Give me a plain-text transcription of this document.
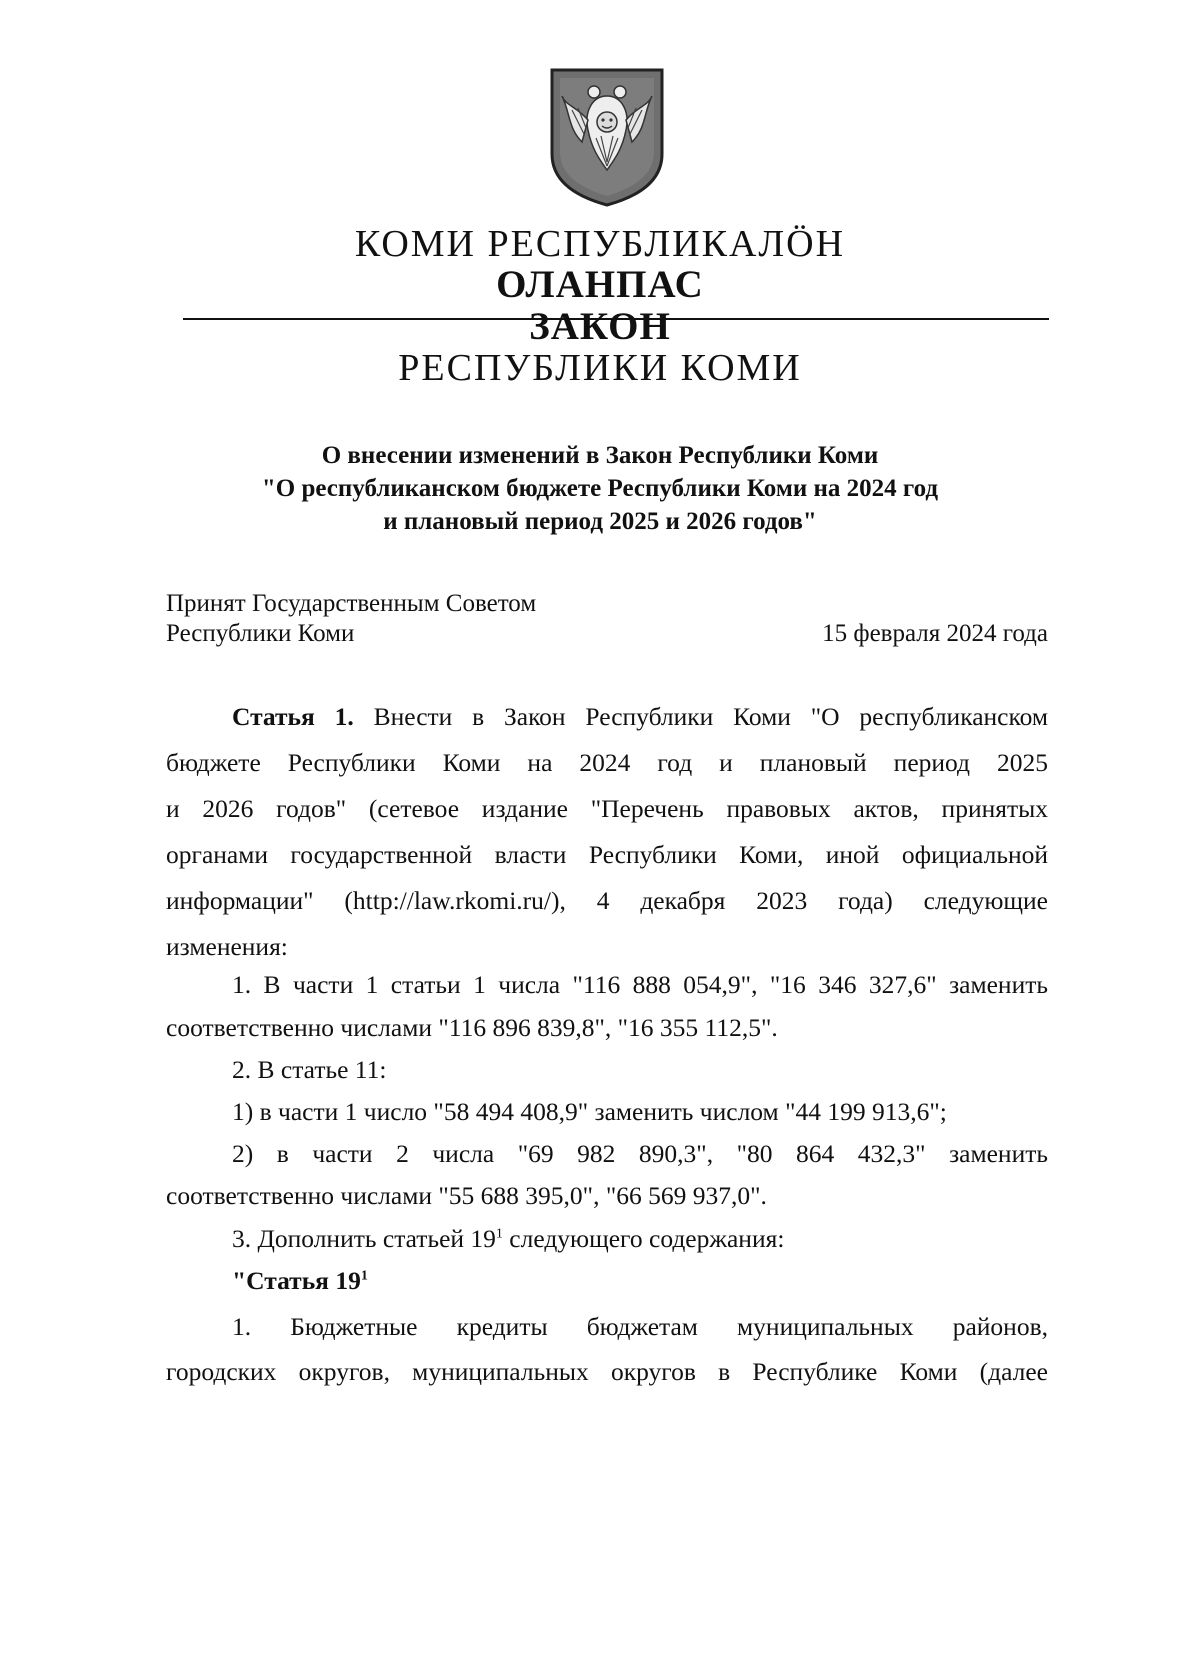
КОМИ РЕСПУБЛИКАЛӦН
ОЛАНПАС
ЗАКОН
РЕСПУБЛИКИ КОМИ
О внесении изменений в Закон Республики Коми
"О республиканском бюджете Республики Коми на 2024 год
и плановый период 2025 и 2026 годов"
Принят Государственным Советом
Республики Коми	15 февраля 2024 года
Статья 1. Внести в Закон Республики Коми "О республиканском
бюджете Республики Коми на 2024 год и плановый период 2025
и 2026 годов" (сетевое издание "Перечень правовых актов, принятых
органами государственной власти Республики Коми, иной официальной
информации" (http://law.rkomi.ru/), 4 декабря 2023 года) следующие
изменения:
1. В части 1 статьи 1 числа "116 888 054,9", "16 346 327,6" заменить
соответственно числами "116 896 839,8", "16 355 112,5".
2. В статье 11:
1) в части 1 число "58 494 408,9" заменить числом "44 199 913,6";
2) в части 2 числа "69 982 890,3", "80 864 432,3" заменить
соответственно числами "55 688 395,0", "66 569 937,0".
3. Дополнить статьей $19^1$ следующего содержания:
"Статья $19^1$
1. Бюджетные кредиты бюджетам муниципальных районов,
городских округов, муниципальных округов в Республике Коми (далее
